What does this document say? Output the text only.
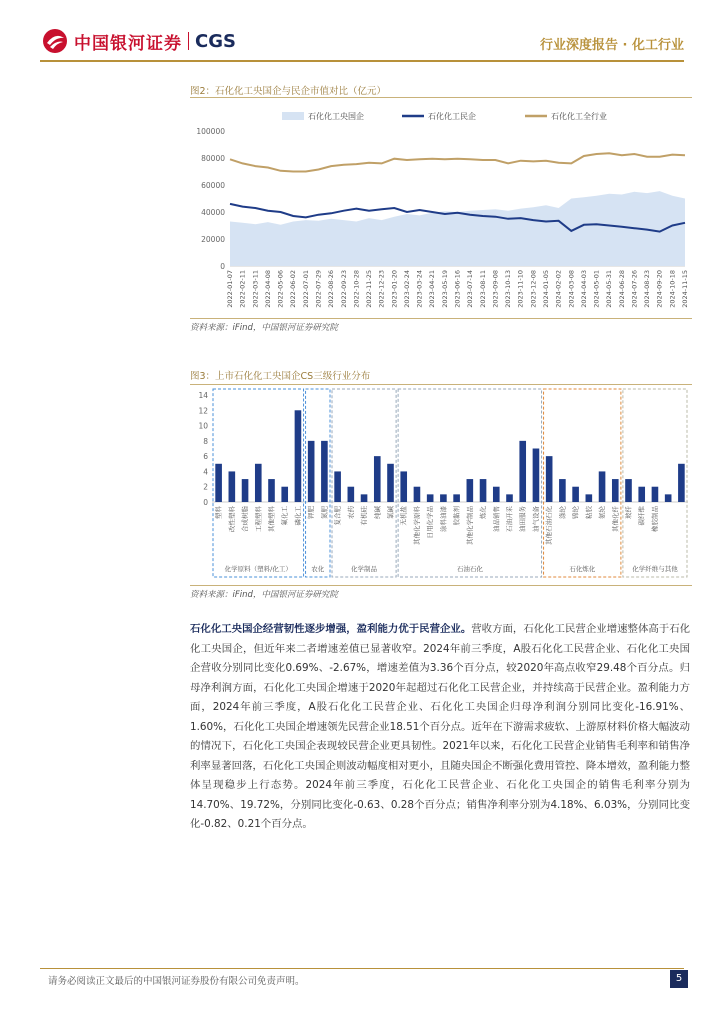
中国银河证券 CGS	行业深度报告 · 化工行业
图2：石化化工央国企与民企市值对比（亿元）
石化化工央国企	石化化工民企	石化化工全行业
0
20000
40000
60000
80000
100000
2022-01-07 2022-02-11 2022-03-11 2022-04-08 2022-05-06 2022-06-02 2022-07-01 2022-07-29 2022-08-26 2022-09-23 2022-10-28 2022-11-25 2022-12-23 2023-01-20 2023-02-24 2023-03-24 2023-04-21 2023-05-19 2023-06-16 2023-07-14 2023-08-11 2023-09-08 2023-10-13 2023-11-10 2023-12-08 2024-01-05 2024-02-02 2024-03-08 2024-04-03 2024-05-01 2024-05-31 2024-06-28 2024-07-26 2024-08-23 2024-09-20 2024-10-18 2024-11-15
资料来源：iFind，中国银河证券研究院
图3：上市石化化工央国企CS三级行业分布
0
2
4
6
8
10
12
14
化学原料（塑料/化工）	农化	化学制品	石油石化	石化炼化	化学纤维与其他
塑料 改性塑料 合成树脂 工程塑料 其他塑料 氟化工 磷化工 钾肥 氮肥 复合肥 农药 有机硅 纯碱 氯碱 无机盐 其他化学原料 日用化学品 涂料油漆 胶黏剂 其他化学制品 炼化 油品销售 石油开采 油田服务 油气设备 其他石油石化 涤纶 锦纶 粘胶 氨纶 其他化纤 玻纤 碳纤维 橡胶制品
资料来源：iFind，中国银河证券研究院
石化化工央国企经营韧性逐步增强，盈利能力优于民营企业。营收方面，石化化工民营企业增速整体高于石化化工央国企，但近年来二者增速差值已显著收窄。2024年前三季度，A股石化化工民营企业、石化化工央国企营收分别同比变化0.69%、-2.67%，增速差值为3.36个百分点，较2020年高点收窄29.48个百分点。归母净利润方面，石化化工央国企增速于2020年起超过石化化工民营企业，并持续高于民营企业。盈利能力方面，2024年前三季度，A股石化化工民营企业、石化化工央国企归母净利润分别同比变化-16.91%、1.60%，石化化工央国企增速领先民营企业18.51个百分点。近年在下游需求疲软、上游原材料价格大幅波动的情况下，石化化工央国企表现较民营企业更具韧性。2021年以来，石化化工民营企业销售毛利率和销售净利率显著回落，石化化工央国企则波动幅度相对更小，且随央国企不断强化费用管控、降本增效，盈利能力整体呈现稳步上行态势。2024年前三季度，石化化工民营企业、石化化工央国企的销售毛利率分别为14.70%、19.72%，分别同比变化-0.63、0.28个百分点；销售净利率分别为4.18%、6.03%，分别同比变化-0.82、0.21个百分点。
请务必阅读正文最后的中国银河证券股份有限公司免责声明。	5
